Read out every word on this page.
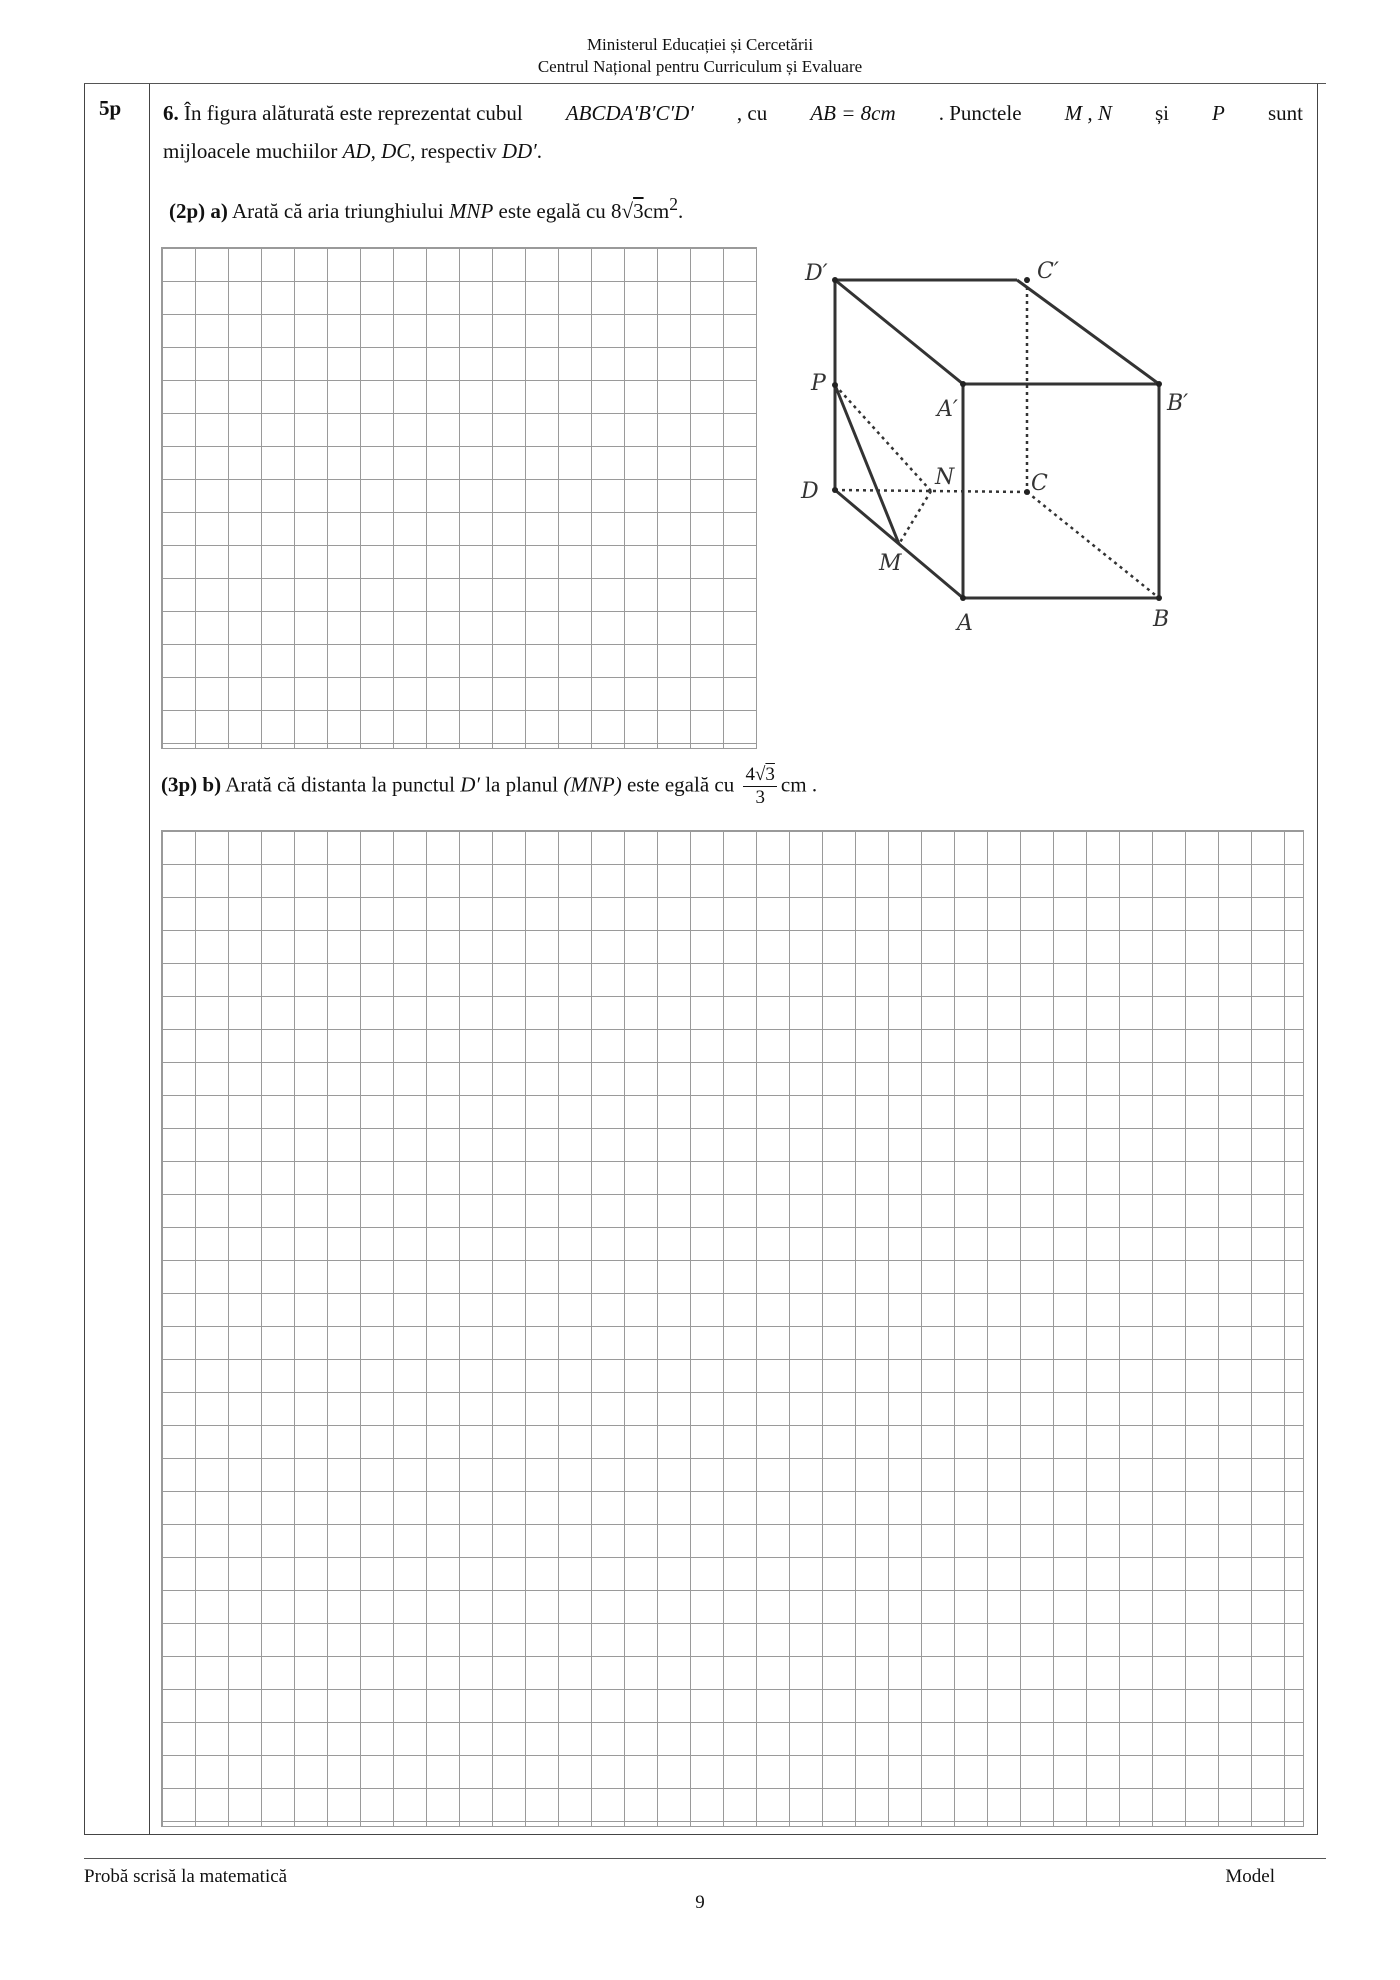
Ministerul Educației și Cercetării
Centrul Național pentru Curriculum și Evaluare
5p 6. În figura alăturată este reprezentat cubul ABCDA′B′C′D′ , cu AB = 8cm . Punctele M , N și P sunt
mijloacele muchiilor AD, DC, respectiv DD′.
(2p) a) Arată că aria triunghiului MNP este egală cu $8√3cm^2$.
D′	C′
A′	B′
P
D
N	C
M
A	B
(3p) b) Arată că distanta la punctul D′ la planul (MNP) este egală cu $\frac{4√3}{3}$ cm .
Probă scrisă la matematică	Model
9
